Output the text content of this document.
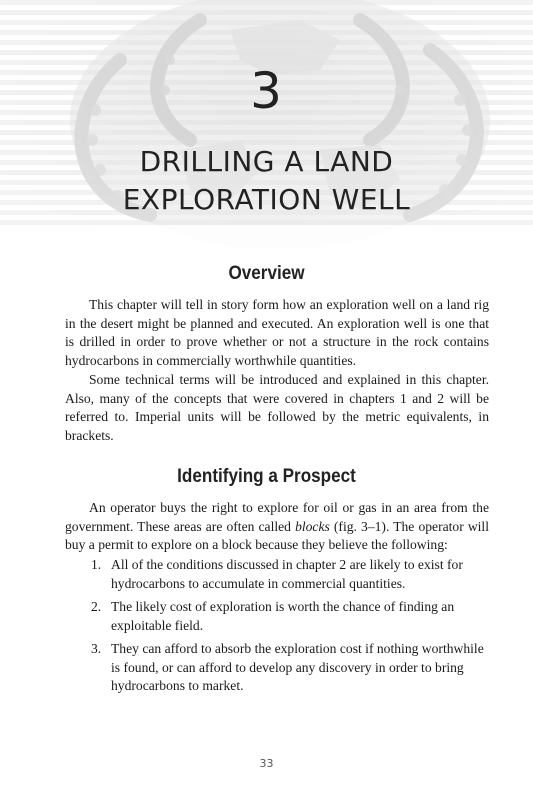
3
DRILLING A LAND
EXPLORATION WELL
Overview

This chapter will tell in story form how an exploration well on a land rig in the desert might be planned and executed. An exploration well is one that is drilled in order to prove whether or not a structure in the rock contains hydrocarbons in commercially worthwhile quantities.

Some technical terms will be introduced and explained in this chapter. Also, many of the concepts that were covered in chapters 1 and 2 will be referred to. Imperial units will be followed by the metric equivalents, in brackets.

Identifying a Prospect

An operator buys the right to explore for oil or gas in an area from the government. These areas are often called blocks (fig. 3–1). The operator will buy a permit to explore on a block because they believe the following:

1. All of the conditions discussed in chapter 2 are likely to exist for hydrocarbons to accumulate in commercial quantities.
2. The likely cost of exploration is worth the chance of finding an exploitable field.
3. They can afford to absorb the exploration cost if nothing worthwhile is found, or can afford to develop any discovery in order to bring hydrocarbons to market.
33
